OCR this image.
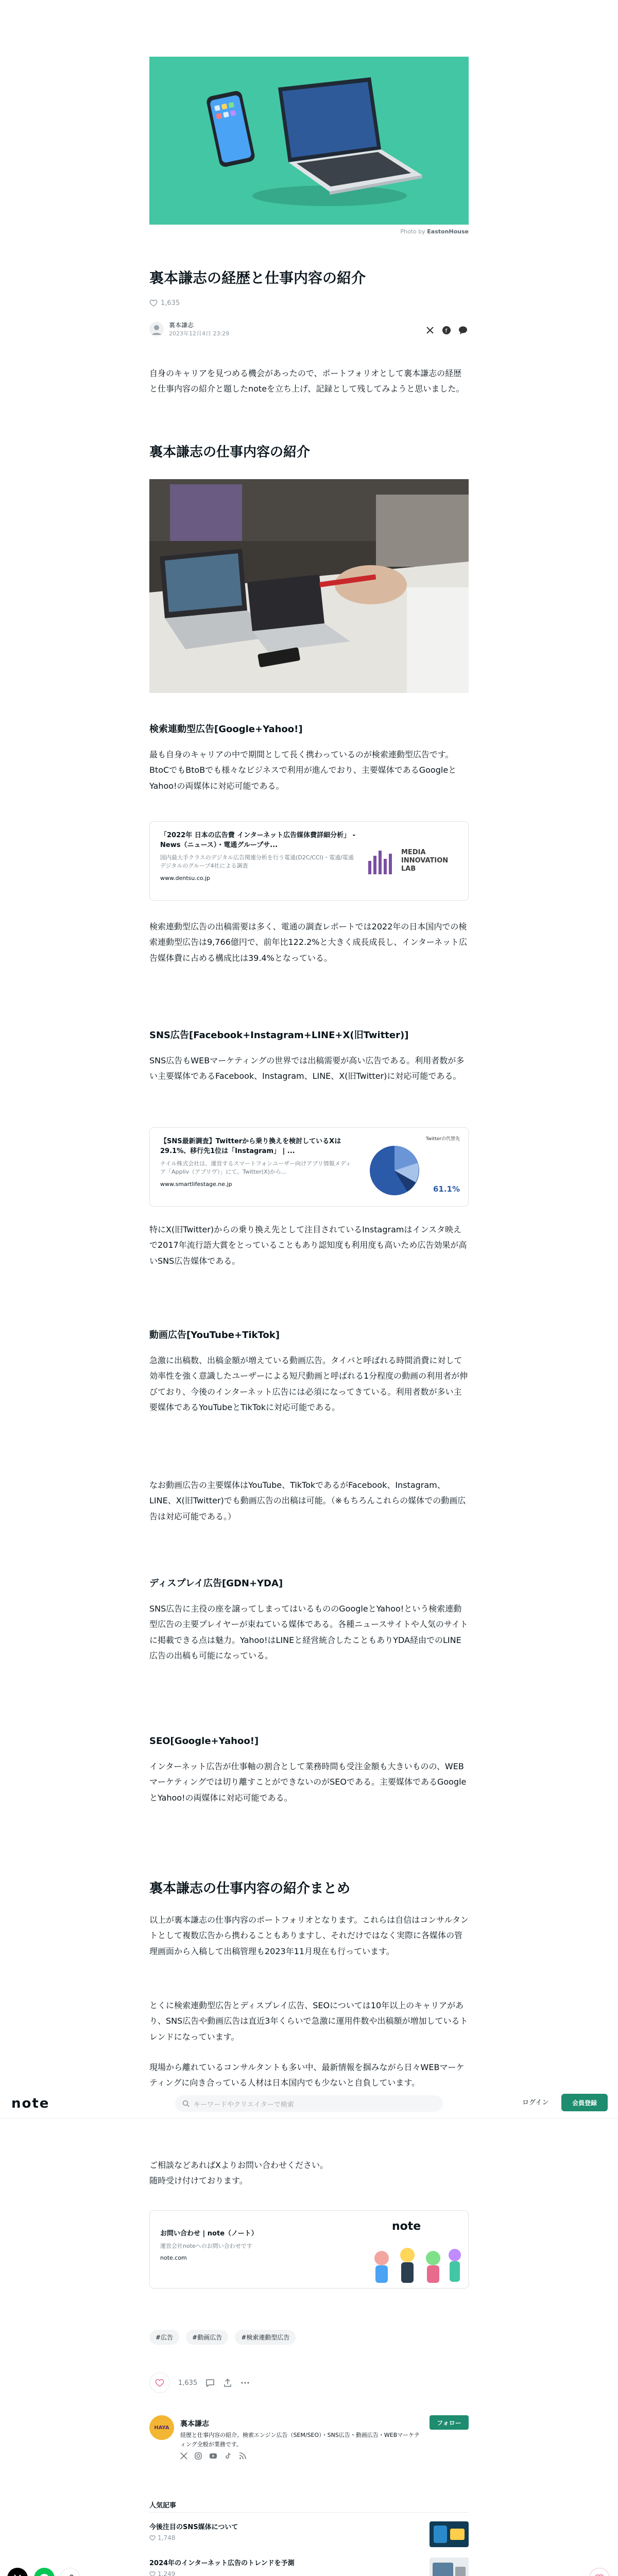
Photo by EastonHouse
裏本謙志の経歴と仕事内容の紹介
1,635
裏本謙志
2023年12月4日 23:29	f

自身のキャリアを見つめる機会があったので、ポートフォリオとして裏本謙志の経歴と仕事内容の紹介と題したnoteを立ち上げ、記録として残してみようと思いました。

裏本謙志の仕事内容の紹介
検索連動型広告[Google+Yahoo!]

最も自身のキャリアの中で期間として長く携わっているのが検索連動型広告です。BtoCでもBtoBでも様々なビジネスで利用が進んでおり、主要媒体であるGoogleとYahoo!の両媒体に対応可能である。

「2022年 日本の広告費 インターネット広告媒体費詳細分析」 - News（ニュース）・電通グループサ...
国内最大手クラスのデジタル広告関連分析を行う電通(D2C/CCI)・電通/電通デジタルのグループ4社による調査
www.dentsu.co.jp
MEDIA
INNOVATION
LAB

検索連動型広告の出稿需要は多く、電通の調査レポートでは2022年の日本国内での検索連動型広告は9,766億円で、前年比122.2%と大きく成長成長し、インターネット広告媒体費に占める構成比は39.4%となっている。

SNS広告[Facebook+Instagram+LINE+X(旧Twitter)]

SNS広告もWEBマーケティングの世界では出稿需要が高い広告である。利用者数が多い主要媒体であるFacebook、Instagram、LINE、X(旧Twitter)に対応可能である。

【SNS最新調査】Twitterから乗り換えを検討しているXは29.1%、移行先1位は「Instagram」 | ...
ナイル株式会社は、運営するスマートフォンユーザー向けアプリ情報メディア「Appliv（アプリヴ）」にて、Twitter(X)から...
www.smartlifestage.ne.jp
Twitterの代替先
61.1%

特にX(旧Twitter)からの乗り換え先として注目されているInstagramはインスタ映えで2017年流行語大賞をとっていることもあり認知度も利用度も高いため広告効果が高いSNS広告媒体である。

動画広告[YouTube+TikTok]

急激に出稿数、出稿金額が増えている動画広告。タイパと呼ばれる時間消費に対して効率性を強く意識したユーザーによる短尺動画と呼ばれる1分程度の動画の利用者が伸びており、今後のインターネット広告には必須になってきている。利用者数が多い主要媒体であるYouTubeとTikTokに対応可能である。

なお動画広告の主要媒体はYouTube、TikTokであるがFacebook、Instagram、LINE、X(旧Twitter)でも動画広告の出稿は可能。（※もちろんこれらの媒体での動画広告は対応可能である。）

ディスプレイ広告[GDN+YDA]

SNS広告に主役の座を譲ってしまってはいるもののGoogleとYahoo!という検索連動型広告の主要プレイヤーが束ねている媒体である。各種ニュースサイトや人気のサイトに掲載できる点は魅力。Yahoo!はLINEと経営統合したこともありYDA経由でのLINE広告の出稿も可能になっている。

SEO[Google+Yahoo!]

インターネット広告が仕事軸の割合として業務時間も受注金額も大きいものの、WEBマーケティングでは切り離すことができないのがSEOである。主要媒体であるGoogleとYahoo!の両媒体に対応可能である。

裏本謙志の仕事内容の紹介まとめ

以上が裏本謙志の仕事内容のポートフォリオとなります。これらは自信はコンサルタントとして複数広告から携わることもありますし、それだけではなく実際に各媒体の管理画面から入稿して出稿管理も2023年11月現在も行っています。

とくに検索連動型広告とディスプレイ広告、SEOについては10年以上のキャリアがあり、SNS広告や動画広告は直近3年くらいで急激に運用件数や出稿額が増加しているトレンドになっています。

現場から離れているコンサルタントも多い中、最新情報を掴みながら日々WEBマーケティングに向き合っている人材は日本国内でも少ないと自負しています。

note	キーワードやクリエイターで検索	ログイン	会員登録

ご相談などあればXよりお問い合わせください。

随時受け付けております。

お問い合わせ | note（ノート）
運営会社noteへのお問い合わせです
note.com
note
#広告	#動画広告	#検索連動型広告
1,635
HAYA	裏本謙志	フォロー
経歴と仕事内容の紹介。検索エンジン広告（SEM/SEO）・SNS広告・動画広告・WEBマーケティング全般が業務です。
人気記事
今後注目のSNS媒体について
1,748
2024年のインターネット広告のトレンドを予測
1,249
